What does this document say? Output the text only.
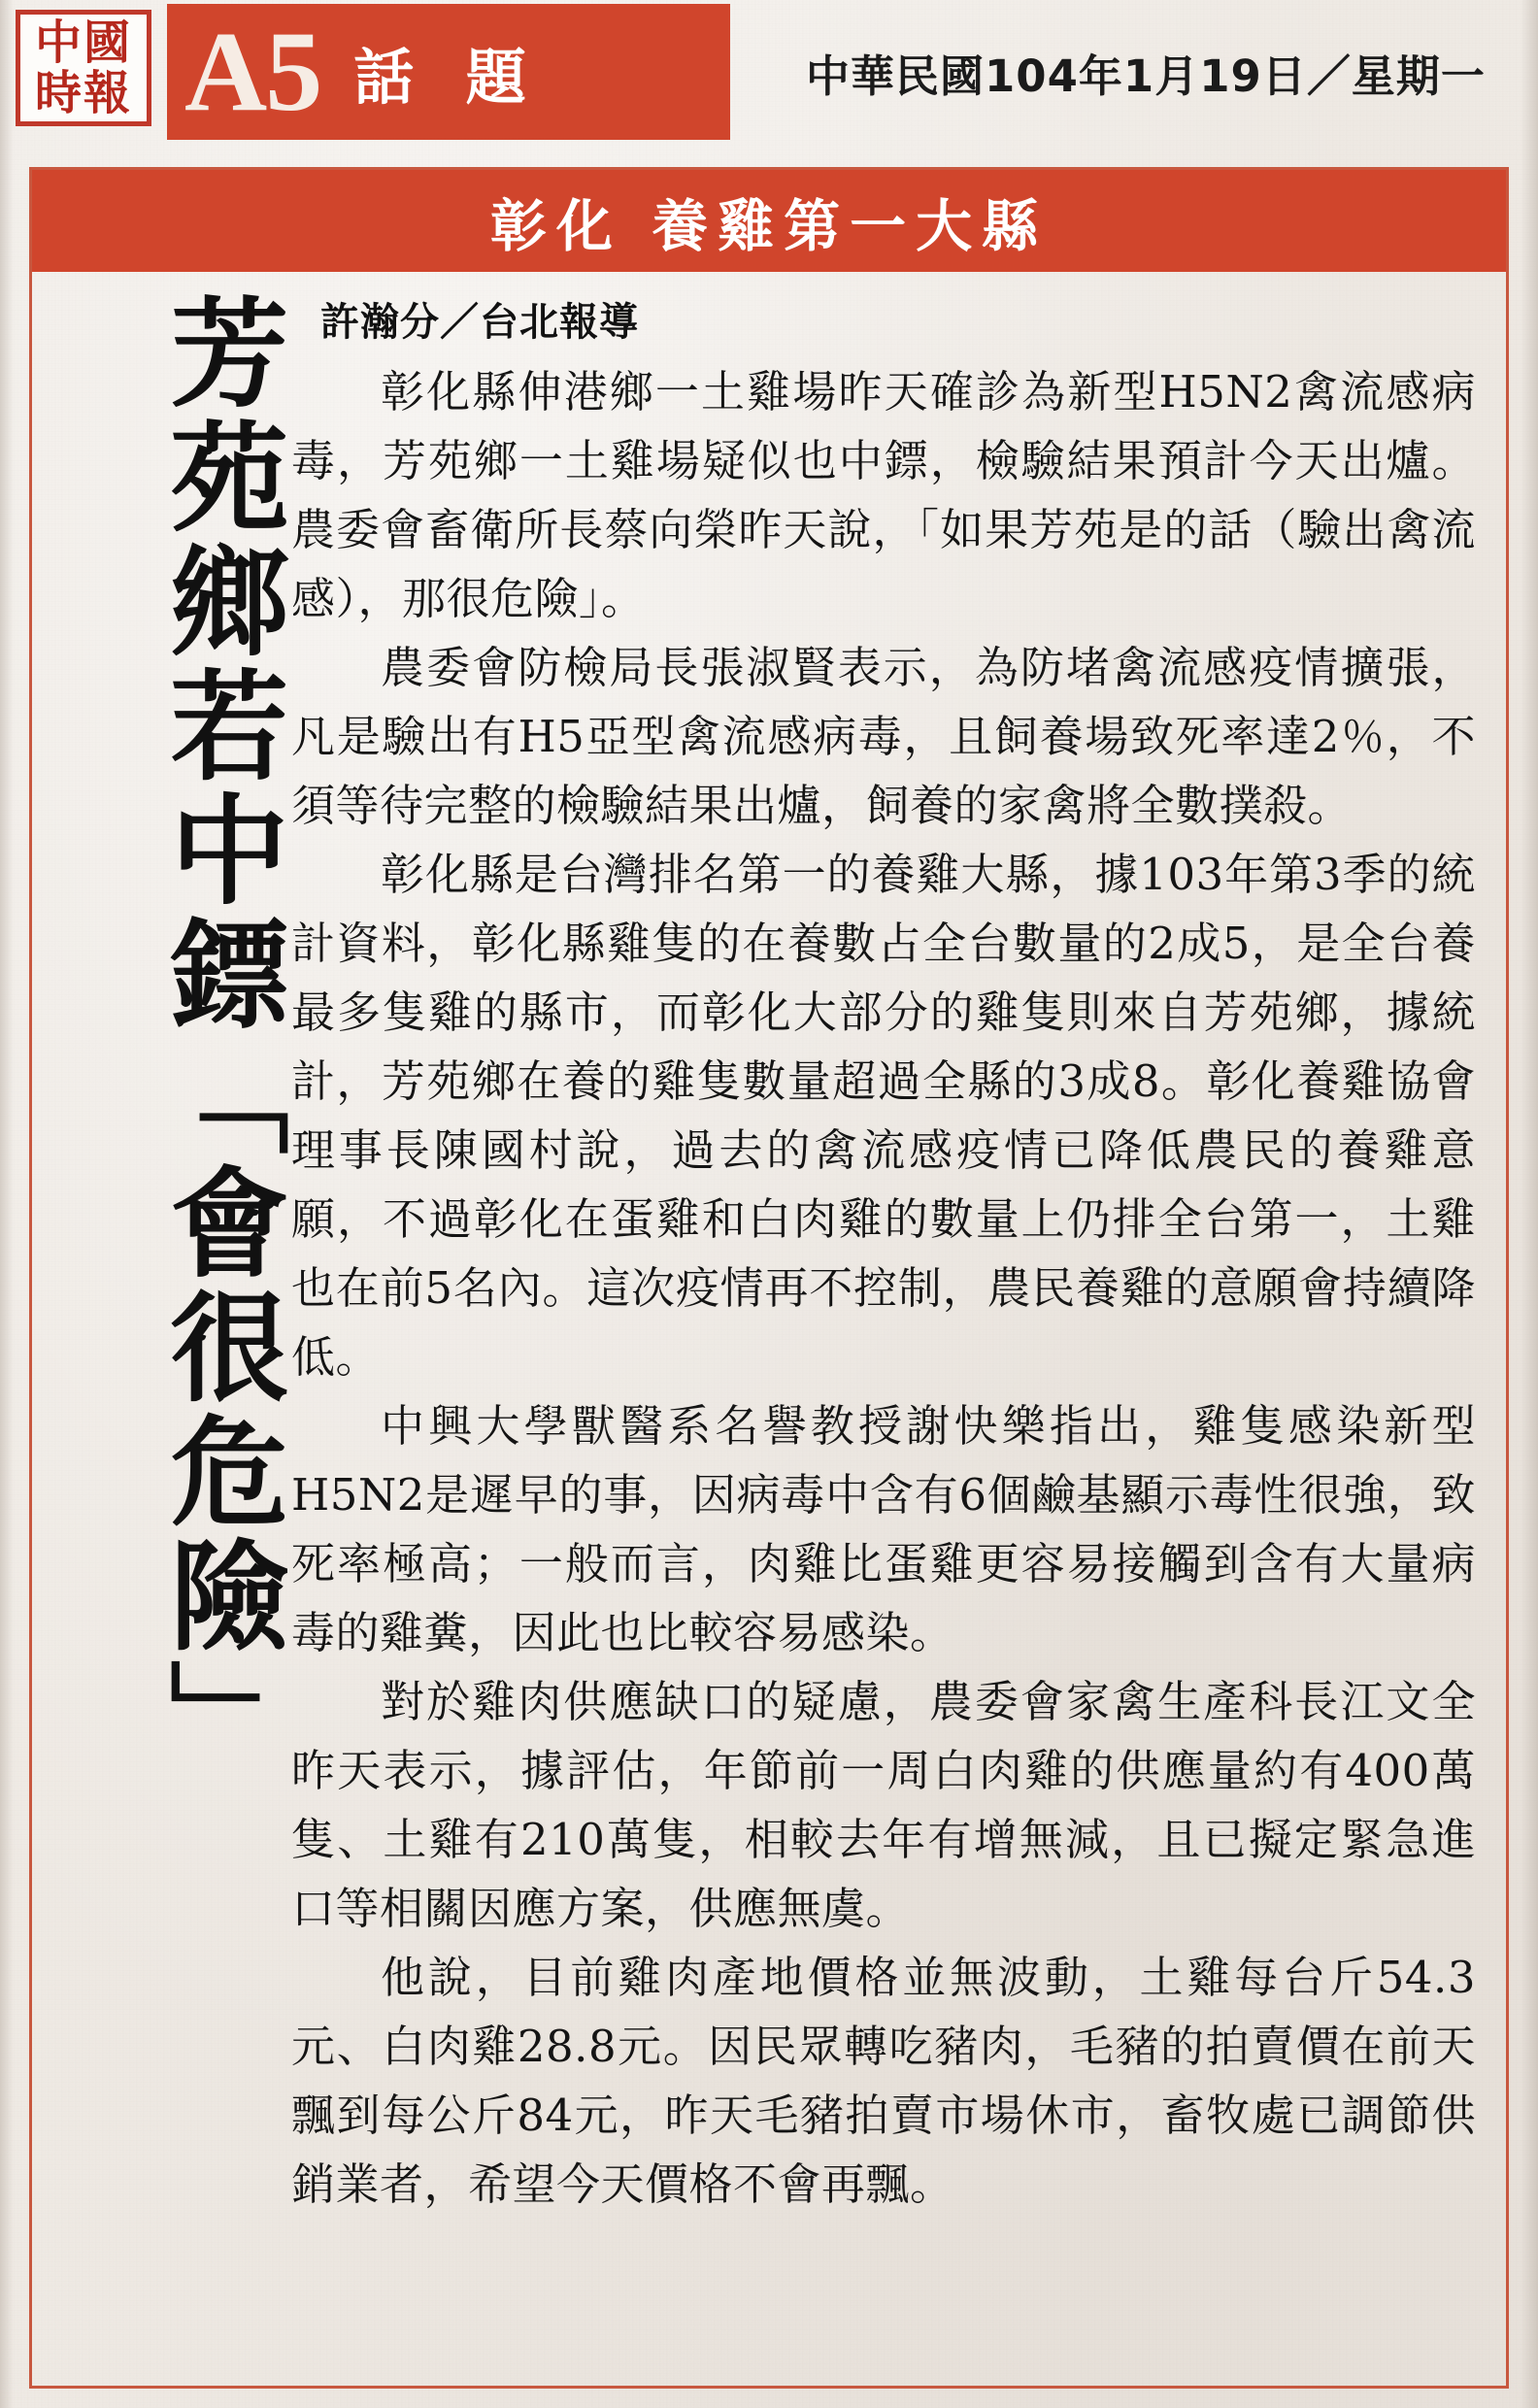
中國
時報 A5 話 題	中華民國104年1月19日／星期一
彰化 養雞第一大縣
芳苑鄉若中鏢「會很危險」 許瀚分／台北報導

彰化縣伸港鄉一土雞場昨天確診為新型H5N2禽流感病毒，芳苑鄉一土雞場疑似也中鏢，檢驗結果預計今天出爐。農委會畜衛所長蔡向榮昨天說，「如果芳苑是的話（驗出禽流感），那很危險」。

農委會防檢局長張淑賢表示，為防堵禽流感疫情擴張，凡是驗出有H5亞型禽流感病毒，且飼養場致死率達2％，不須等待完整的檢驗結果出爐，飼養的家禽將全數撲殺。

彰化縣是台灣排名第一的養雞大縣，據103年第3季的統計資料，彰化縣雞隻的在養數占全台數量的2成5，是全台養最多隻雞的縣市，而彰化大部分的雞隻則來自芳苑鄉，據統計，芳苑鄉在養的雞隻數量超過全縣的3成8。彰化養雞協會理事長陳國村說，過去的禽流感疫情已降低農民的養雞意願，不過彰化在蛋雞和白肉雞的數量上仍排全台第一，土雞也在前5名內。這次疫情再不控制，農民養雞的意願會持續降低。

中興大學獸醫系名譽教授謝快樂指出，雞隻感染新型H5N2是遲早的事，因病毒中含有6個鹼基顯示毒性很強，致死率極高；一般而言，肉雞比蛋雞更容易接觸到含有大量病毒的雞糞，因此也比較容易感染。

對於雞肉供應缺口的疑慮，農委會家禽生產科長江文全昨天表示，據評估，年節前一周白肉雞的供應量約有400萬隻、土雞有210萬隻，相較去年有增無減，且已擬定緊急進口等相關因應方案，供應無虞。

他說，目前雞肉產地價格並無波動，土雞每台斤54.3元、白肉雞28.8元。因民眾轉吃豬肉，毛豬的拍賣價在前天飄到每公斤84元，昨天毛豬拍賣市場休市，畜牧處已調節供銷業者，希望今天價格不會再飄。
